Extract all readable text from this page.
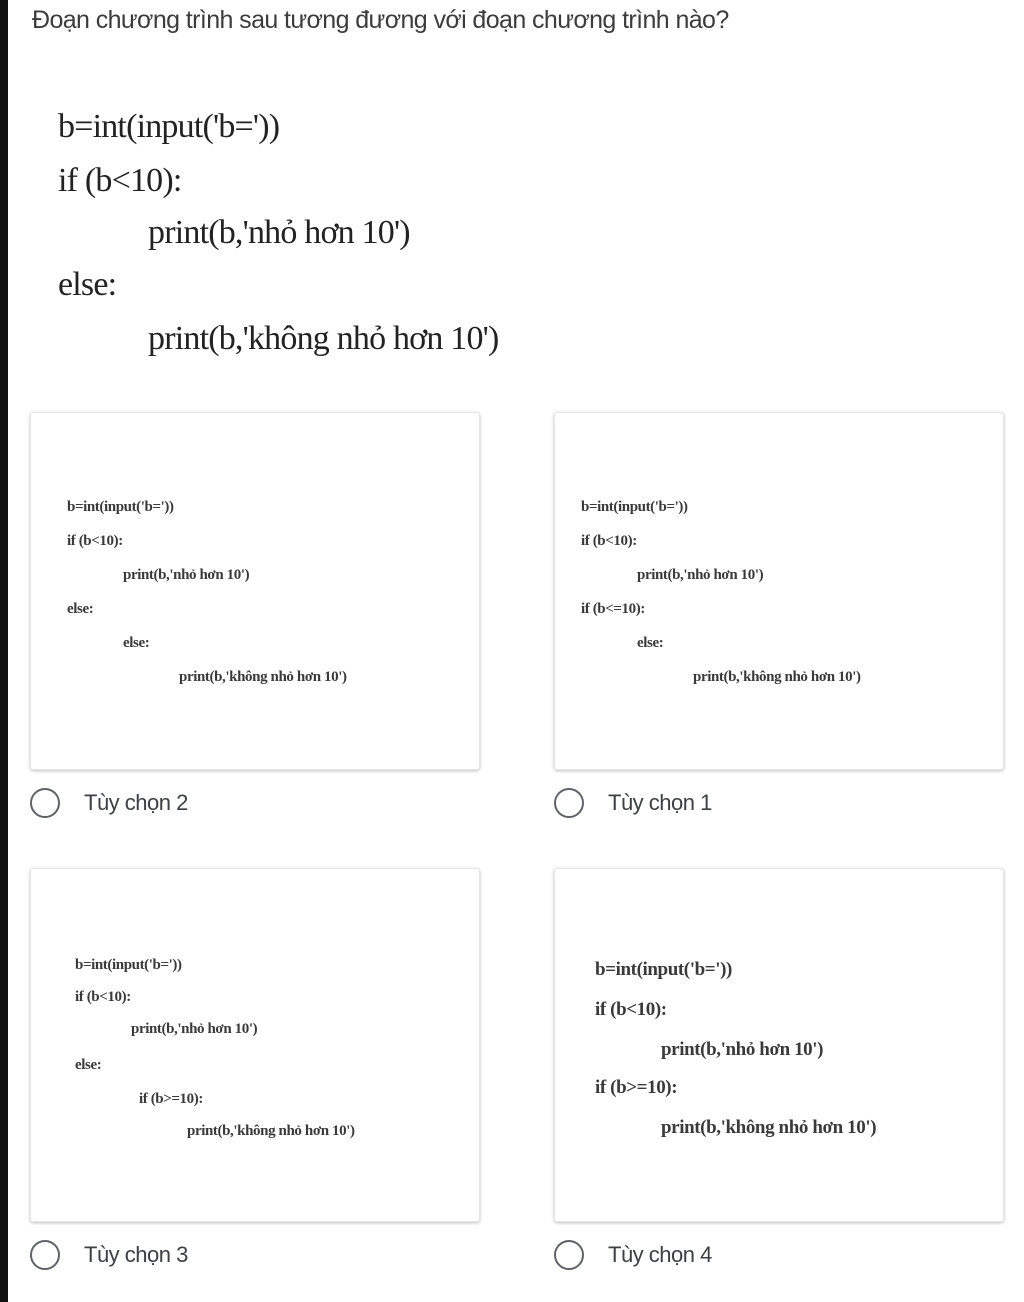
Đoạn chương trình sau tương đương với đoạn chương trình nào?
b=int(input('b='))
if (b<10):
print(b,'nhỏ hơn 10')
else:
print(b,'không nhỏ hơn 10')
b=int(input('b='))
if (b<10):
print(b,'nhỏ hơn 10')
else:
else:
print(b,'không nhỏ hơn 10')
Tùy chọn 2
b=int(input('b='))
if (b<10):
print(b,'nhỏ hơn 10')
if (b<=10):
else:
print(b,'không nhỏ hơn 10')
Tùy chọn 1
b=int(input('b='))
if (b<10):
print(b,'nhỏ hơn 10')
else:
if (b>=10):
print(b,'không nhỏ hơn 10')
Tùy chọn 3
b=int(input('b='))
if (b<10):
print(b,'nhỏ hơn 10')
if (b>=10):
print(b,'không nhỏ hơn 10')
Tùy chọn 4
